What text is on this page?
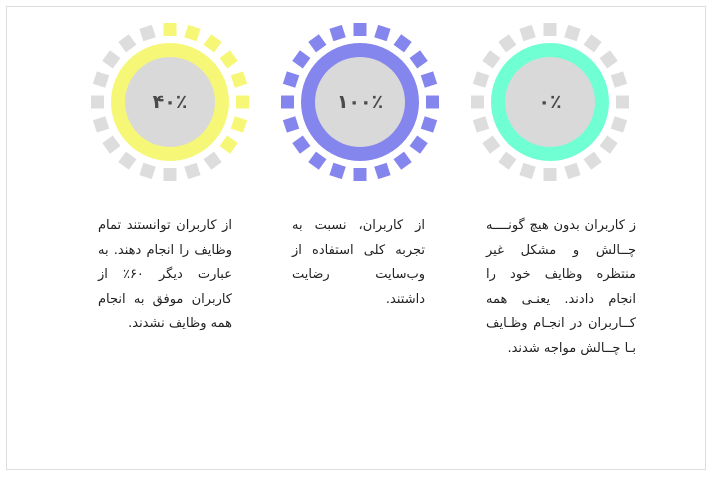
۰٪
۱۰۰٪
۴۰٪

ز کاربران بدون هیچ گونــــه چــالش و مشکل غیر منتظره وظایف خود را انجام دادند. یعنـی همه کــاربران در انجـام وظـایف بـا چــالش مواجه شدند.

از کاربران، نسبت به تجربه کلی استفاده از وب‌سایت رضایت داشتند.

از کاربران توانستند تمام وظایف را انجام دهند. به عبارت دیگر ۶۰٪ از کاربران موفق به انجام همه وظایف نشدند.
